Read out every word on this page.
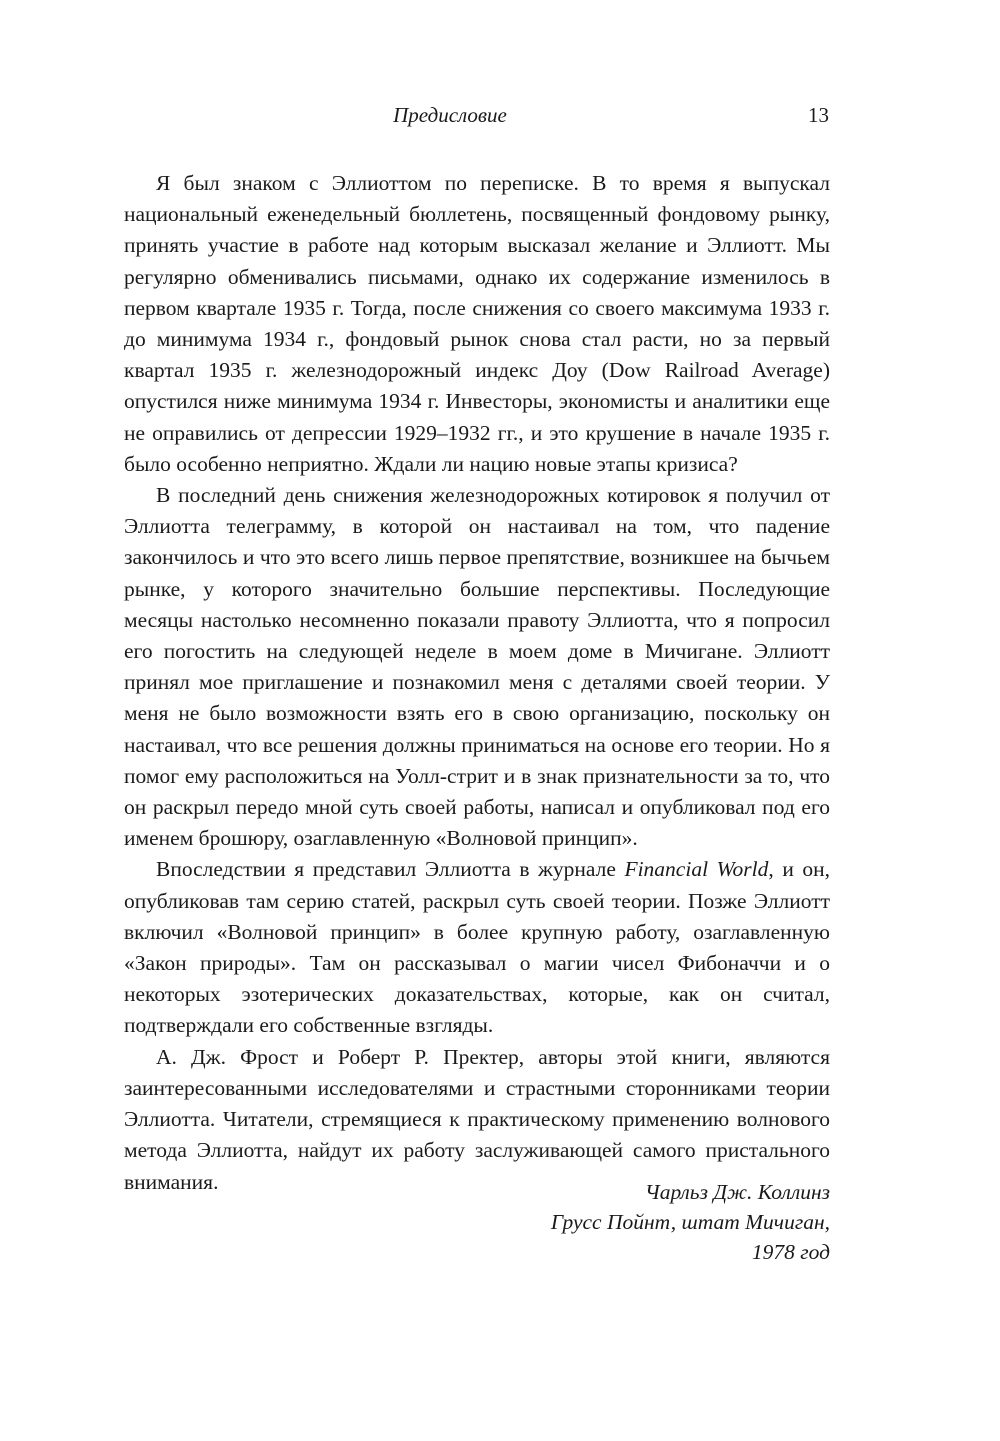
Предисловие	13

Я был знаком с Эллиоттом по переписке. В то время я выпускал национальный еженедельный бюллетень, посвященный фондовому рынку, принять участие в работе над которым высказал желание и Эллиотт. Мы регулярно обменивались письмами, однако их содержание изменилось в первом квартале 1935 г. Тогда, после снижения со своего максимума 1933 г. до минимума 1934 г., фондовый рынок снова стал расти, но за первый квартал 1935 г. железнодорожный индекс Доу (Dow Railroad Average) опустился ниже минимума 1934 г. Инвесторы, экономисты и аналитики еще не оправились от депрессии 1929–1932 гг., и это крушение в начале 1935 г. было особенно неприятно. Ждали ли нацию новые этапы кризиса?

В последний день снижения железнодорожных котировок я получил от Эллиотта телеграмму, в которой он настаивал на том, что падение закончилось и что это всего лишь первое препятствие, возникшее на бычьем рынке, у которого значительно большие перспективы. Последующие месяцы настолько несомненно показали правоту Эллиотта, что я попросил его погостить на следующей неделе в моем доме в Мичигане. Эллиотт принял мое приглашение и познакомил меня с деталями своей теории. У меня не было возможности взять его в свою организацию, поскольку он настаивал, что все решения должны приниматься на основе его теории. Но я помог ему расположиться на Уолл-стрит и в знак признательности за то, что он раскрыл передо мной суть своей работы, написал и опубликовал под его именем брошюру, озаглавленную «Волновой принцип».

Впоследствии я представил Эллиотта в журнале Financial World, и он, опубликовав там серию статей, раскрыл суть своей теории. Позже Эллиотт включил «Волновой принцип» в более крупную работу, озаглавленную «Закон природы». Там он рассказывал о магии чисел Фибоначчи и о некоторых эзотерических доказательствах, которые, как он считал, подтверждали его собственные взгляды.

А. Дж. Фрост и Роберт Р. Пректер, авторы этой книги, являются заинтересованными исследователями и страстными сторонниками теории Эллиотта. Читатели, стремящиеся к практическому применению волнового метода Эллиотта, найдут их работу заслуживающей самого пристального внимания.	Чарльз Дж. Коллинз
Грусс Пойнт, штат Мичиган,
1978 год
